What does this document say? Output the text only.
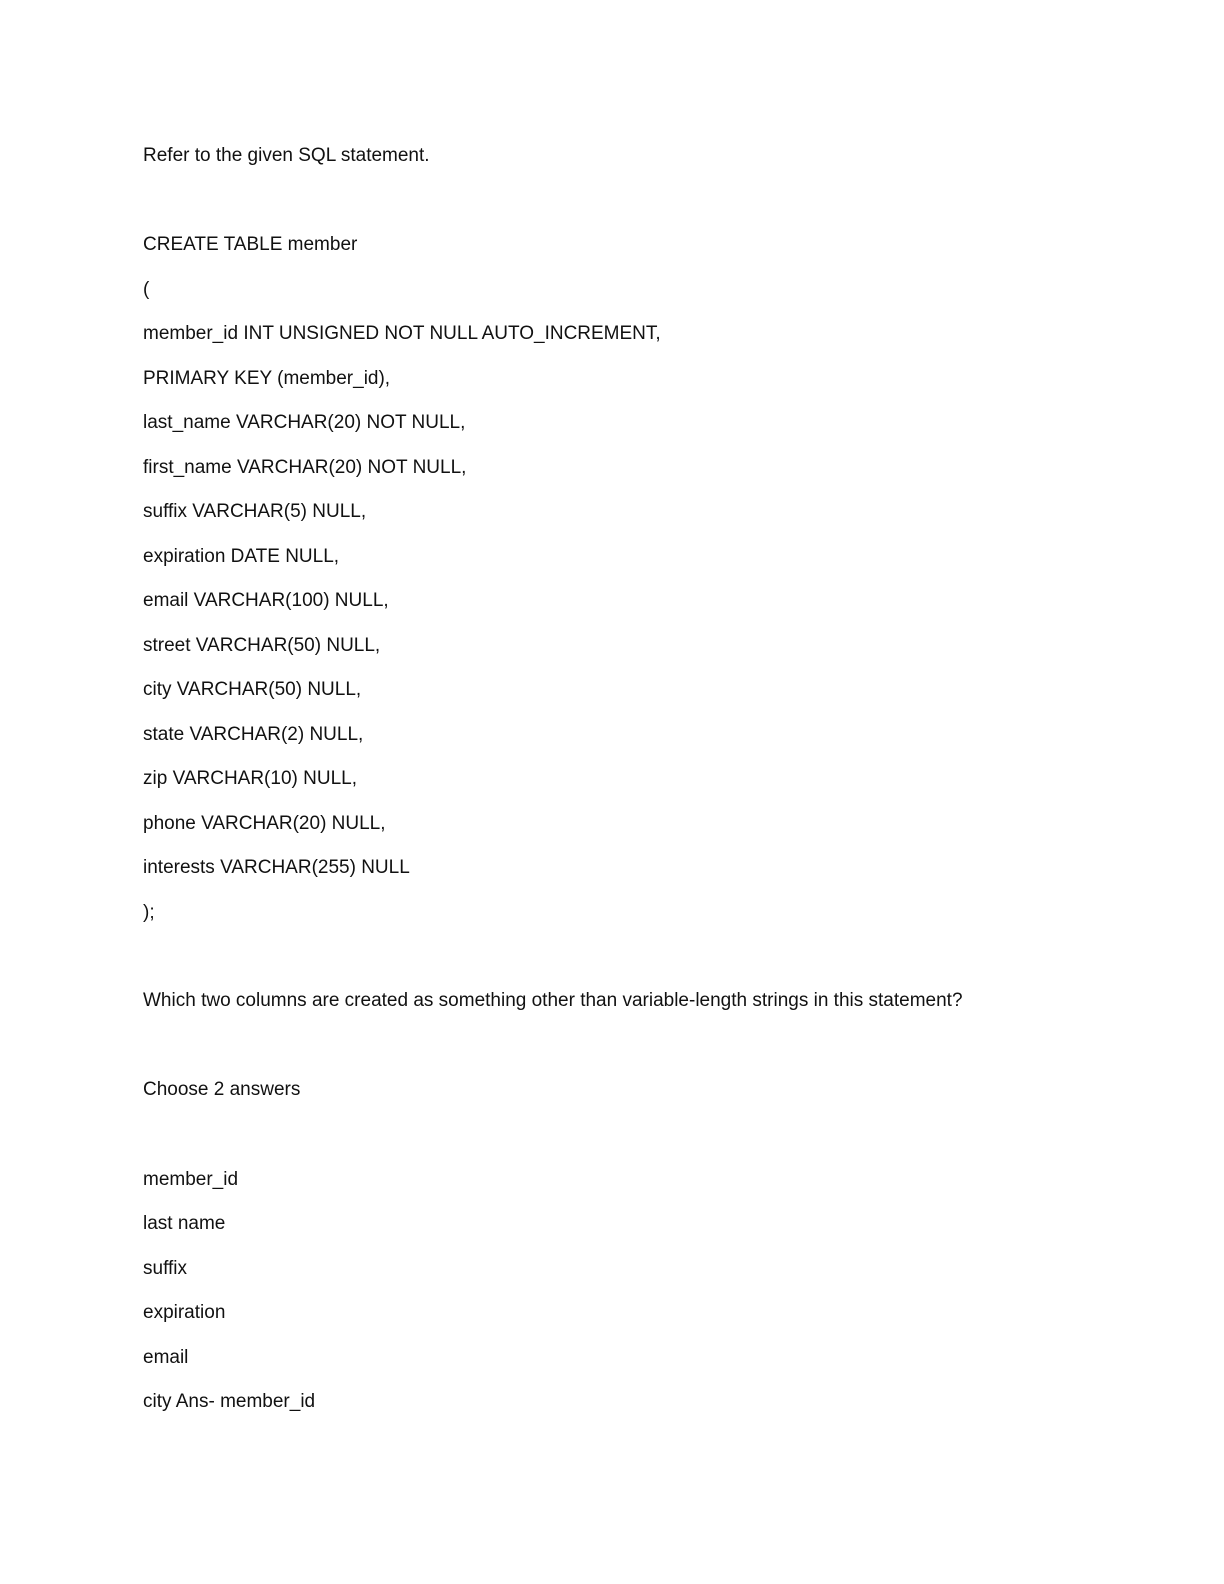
Refer to the given SQL statement.

CREATE TABLE member

(

member_id INT UNSIGNED NOT NULL AUTO_INCREMENT,

PRIMARY KEY (member_id),

last_name VARCHAR(20) NOT NULL,

first_name VARCHAR(20) NOT NULL,

suffix VARCHAR(5) NULL,

expiration DATE NULL,

email VARCHAR(100) NULL,

street VARCHAR(50) NULL,

city VARCHAR(50) NULL,

state VARCHAR(2) NULL,

zip VARCHAR(10) NULL,

phone VARCHAR(20) NULL,

interests VARCHAR(255) NULL

);

Which two columns are created as something other than variable-length strings in this statement?

Choose 2 answers

member_id

last name

suffix

expiration

email

city Ans- member_id
